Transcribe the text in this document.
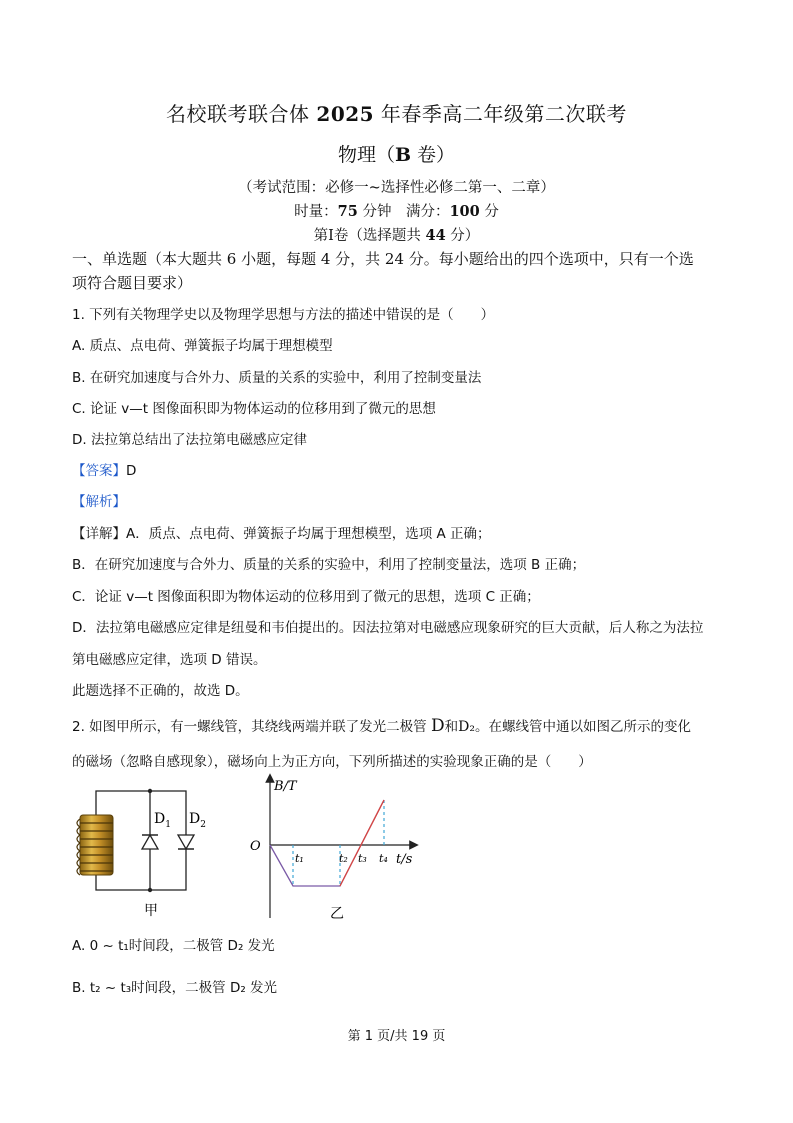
名校联考联合体 2025 年春季高二年级第二次联考
物理（B 卷）
（考试范围：必修一~选择性必修二第一、二章）
时量：75 分钟　满分：100 分
第Ⅰ卷（选择题共 44 分）
一、单选题（本大题共 6 小题，每题 4 分，共 24 分。每小题给出的四个选项中，只有一个选
项符合题目要求）
1. 下列有关物理学史以及物理学思想与方法的描述中错误的是（　　）
A. 质点、点电荷、弹簧振子均属于理想模型
B. 在研究加速度与合外力、质量的关系的实验中，利用了控制变量法
C. 论证 v—t 图像面积即为物体运动的位移用到了微元的思想
D. 法拉第总结出了法拉第电磁感应定律
【答案】D
【解析】
【详解】A．质点、点电荷、弹簧振子均属于理想模型，选项 A 正确；
B．在研究加速度与合外力、质量的关系的实验中，利用了控制变量法，选项 B 正确；
C．论证 v—t 图像面积即为物体运动的位移用到了微元的思想，选项 C 正确；
D．法拉第电磁感应定律是纽曼和韦伯提出的。因法拉第对电磁感应现象研究的巨大贡献，后人称之为法拉
第电磁感应定律，选项 D 错误。
此题选择不正确的，故选 D。
2. 如图甲所示，有一螺线管，其绕线两端并联了发光二极管 D和D₂。在螺线管中通以如图乙所示的变化
的磁场（忽略自感现象），磁场向上为正方向，下列所描述的实验现象正确的是（　　）
$D_1$ $D_2$
甲
B/T
O
t/s
t₁	t₂ t₃ t₄
乙
A. 0 ~ t₁时间段，二极管 D₂ 发光
B. t₂ ~ t₃时间段，二极管 D₂ 发光
第 1 页/共 19 页
